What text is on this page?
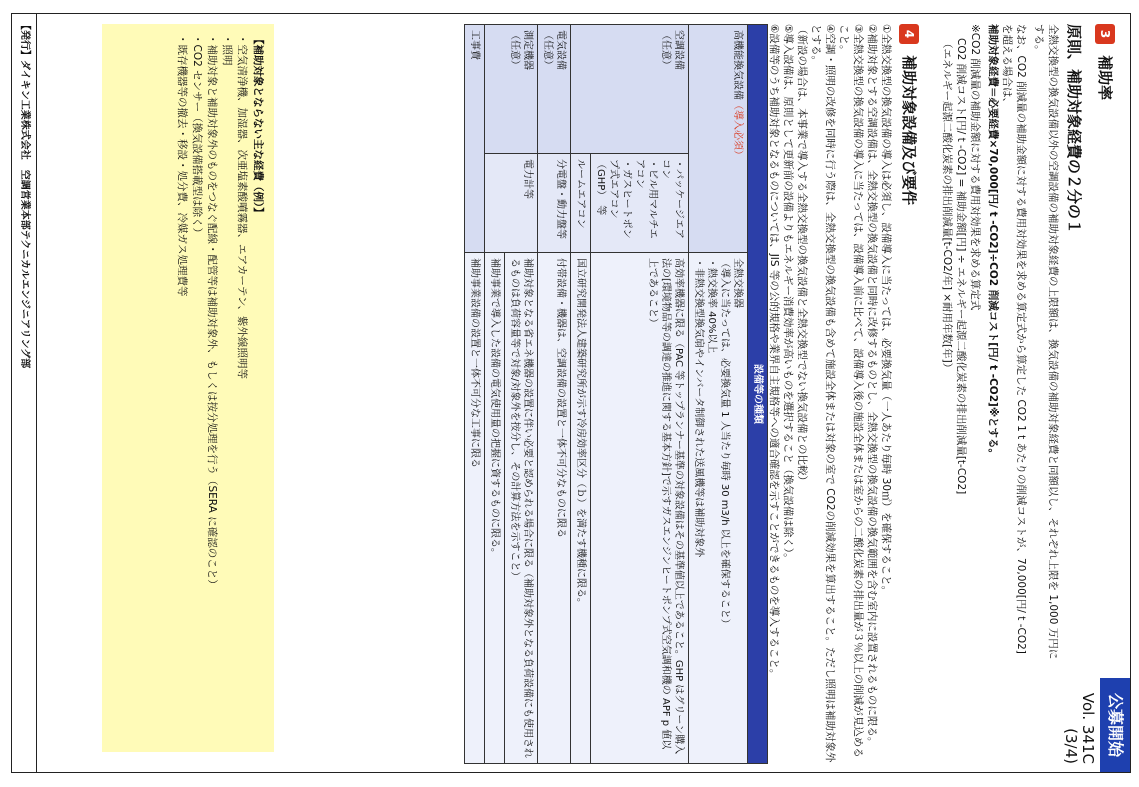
公募開始
Vol. 341C
(3/4)
3 補助率
原則、補助対象経費の２分の１

全熱交換型の換気設備以外の空調設備の補助対象経費の上限額は、換気設備の補助対象経費と同額以し、それぞれ上限を 1,000 万円にする。

なお、CO2 削減量の補助金額に対する費用対効果を求める算定式から算定した CO2 1 t あたりの削減コストが、70,000[円/ t -CO2]を超える場合は、

補助対象経費＝必要経費×70,000[円/ t -CO2]÷CO2 削減コスト[円/ t -CO2]※とする。

※CO2 削減量の補助金額に対する費用対効果を求める算定式

CO2 削減コスト[円/ t -CO2] = 補助金額[円] ÷ エネルギー起源二酸化炭素の排出削減量[t-CO2]

（エネルギー起源二酸化炭素の排出削減量[t-CO2/年] ×耐用年数[年]）

4 補助対象設備及び要件
①全熱交換型の換気設備の導入は必須し、設備導入に当たっては、必要換気量（一人あたり毎時 30㎥）を確保すること。
②補助対象とする空調設備は、全熱交換型の換気設備と同時に改修するものとし、全熱交換型の換気設備の換気範囲を含む室内に設置されるものに限る。
③全熱交換型の換気設備の導入に当たっては、設備導入前に比べて、設備導入後の施設全体または室からの二酸化炭素の排出量が３％以上の削減が見込めること。
④空調・照明の改修を同時に行う際は、全熱交換型の換気設備も含めて施設全体または対象の室で CO2の削減効果を算出すること。ただし照明は補助対象外とする。
（新設の場合は、本事業で導入する全熱交換型の換気設備と全熱交換型でない換気設備との比較）
⑤導入設備は、原則として更新前の設備よりもエネルギー消費効率が高いものを選択すること（換気設備は除く）。
⑥設備等のうち補助対象となるものについては、JIS 等の公的規格や業界自主規格等への適合確認を示すことができるものを導入すること。
設備等の種類		
高機能換気設備（導入必須）		全熱交換器
（導入に当たっては、必要換気量 1 人当たり毎時 30 m3/h 以上を確保すること）
・熱交換率 40%以上
・非熱交換型換気扇やインバータ制御された送風機等は補助対象外
空調設備
（任意）	・パッケージエアコン
・ビル用マルチエアコン
・ガスヒートポンプ式エアコン（GHP）　等	高効率機器に限る（PAC 等トップランナー基準の対象設備はその基準値以上であること。GHP はグリーン購入法の[環境物品等の調達の推進に関する基本方針]で示すガスエンジンヒートポンプ式空気調和機の APF p 値以上であること）
	ルームエアコン	国立研究開発法人建築研究所が示す冷房効率区分（ｂ）を満たす機種に限る。
電気設備
（任意）	分電盤・動力盤等	付帯設備・機器は、空調設備の設置と一体不可分なものに限る
測定機器
（任意）	電力計等	補助対象となる省エネ機器の設置に伴い必要と認められる場合に限る（補助対象外となる負荷設備にも使用されるものは負荷容量等で対象/対象外を按分し、その計算方法を示すこと）
		補助事業で導入した設備の電気使用量の把握に資するものに限る。
工事費		補助事業設備の設置と一体不可分な工事に限る

【補助対象とならない主な経費（例）】

・空気清浄機、加湿器、次亜塩素酸噴霧器、エアカーテン、紫外線照明等

・照明

・補助対象と補助対象外のものをつなぐ配線・配管等は補助対象外、もしくは按分処理を行う（SERA に確認のこと）

・CO2 センサー（換気設備搭載型は除く）

・既存機器等の撤去・移設・処分費、冷媒ガス処理費等

【発行】ダイキン工業株式会社　空調営業本部テクニカルエンジニアリング部
